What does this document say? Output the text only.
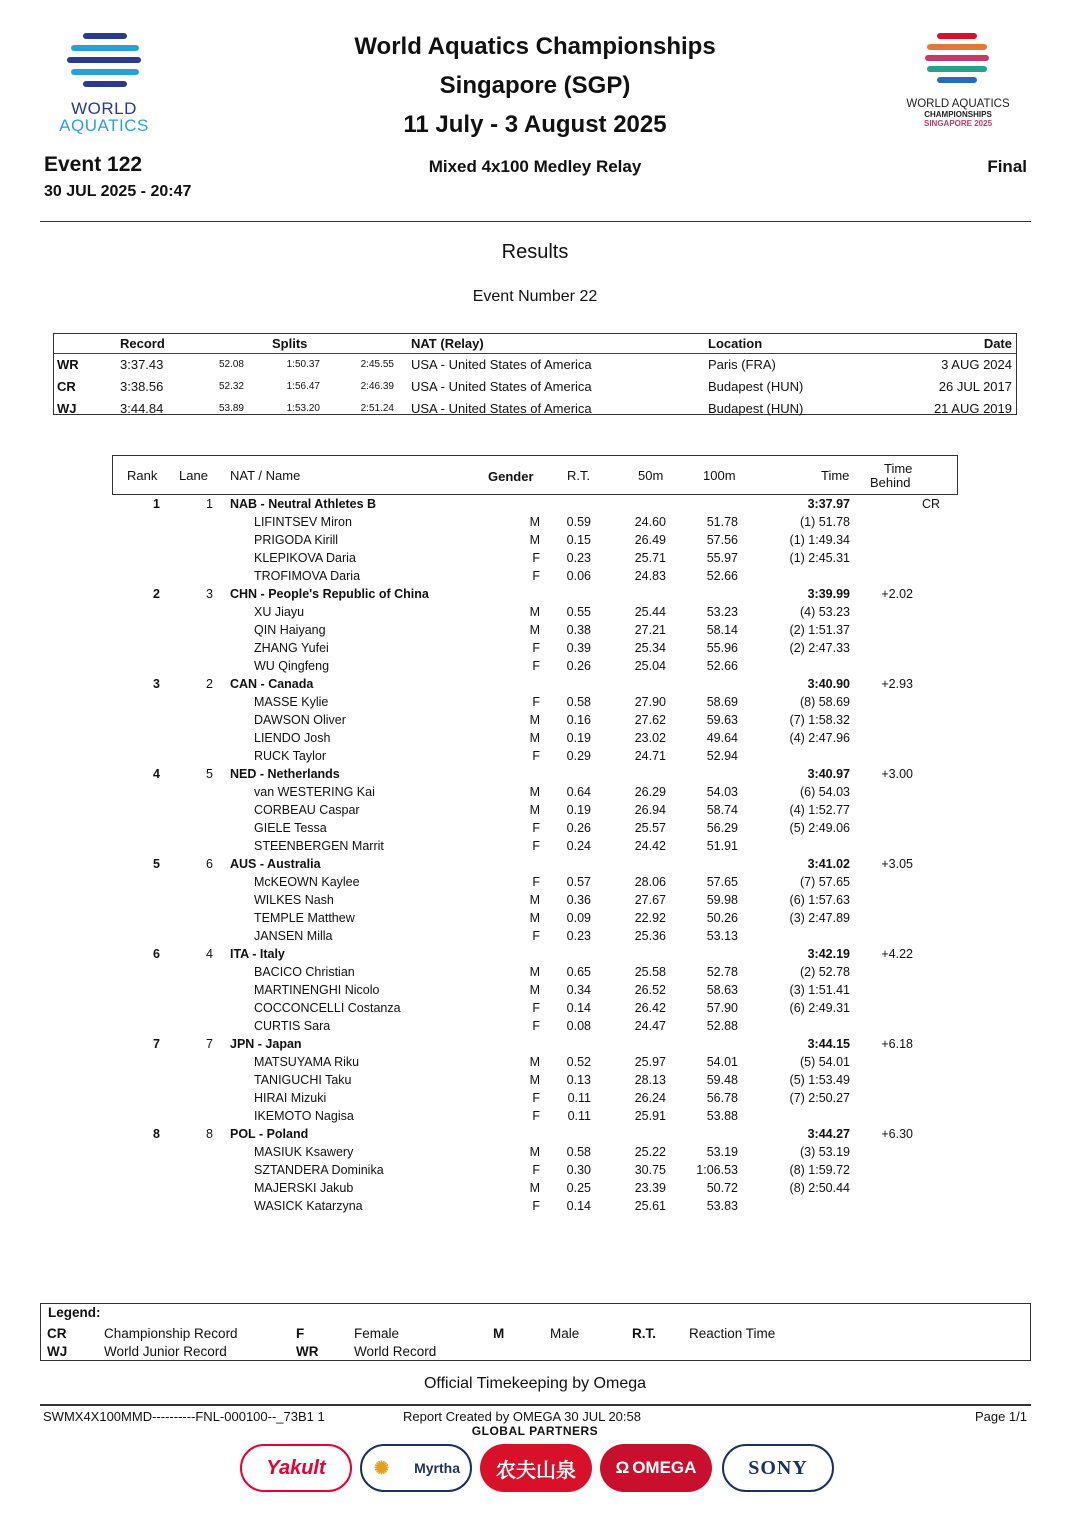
WORLD
AQUATICS
World Aquatics Championships
Singapore (SGP)
11 July - 3 August 2025
WORLD AQUATICS
CHAMPIONSHIPS
SINGAPORE 2025
Event 122
30 JUL 2025 - 20:47
Mixed 4x100 Medley Relay	Final
Results
Event Number 22
Record	Splits	NAT (Relay)	Location	Date
WR	3:37.43	52.08	1:50.37	2:45.55 USA - United States of America	Paris (FRA)	3 AUG 2024
CR	3:38.56	52.32	1:56.47	2:46.39 USA - United States of America	Budapest (HUN)	26 JUL 2017
WJ	3:44.84	53.89	1:53.20	2:51.24 USA - United States of America	Budapest (HUN)	21 AUG 2019
Rank Lane NAT / Name	Gender	R.T.	50m	100m	Time	Time
Behind
1	1 NAB - Neutral Athletes B	3:37.97	CR
LIFINTSEV Miron	M	0.59	24.60	51.78	(1) 51.78
PRIGODA Kirill	M	0.15	26.49	57.56	(1) 1:49.34
KLEPIKOVA Daria	F	0.23	25.71	55.97	(1) 2:45.31
TROFIMOVA Daria	F	0.06	24.83	52.66
2	3 CHN - People's Republic of China	3:39.99	+2.02
XU Jiayu	M	0.55	25.44	53.23	(4) 53.23
QIN Haiyang	M	0.38	27.21	58.14	(2) 1:51.37
ZHANG Yufei	F	0.39	25.34	55.96	(2) 2:47.33
WU Qingfeng	F	0.26	25.04	52.66
3	2 CAN - Canada	3:40.90	+2.93
MASSE Kylie	F	0.58	27.90	58.69	(8) 58.69
DAWSON Oliver	M	0.16	27.62	59.63	(7) 1:58.32
LIENDO Josh	M	0.19	23.02	49.64	(4) 2:47.96
RUCK Taylor	F	0.29	24.71	52.94
4	5 NED - Netherlands	3:40.97	+3.00
van WESTERING Kai	M	0.64	26.29	54.03	(6) 54.03
CORBEAU Caspar	M	0.19	26.94	58.74	(4) 1:52.77
GIELE Tessa	F	0.26	25.57	56.29	(5) 2:49.06
STEENBERGEN Marrit	F	0.24	24.42	51.91
5	6 AUS - Australia	3:41.02	+3.05
McKEOWN Kaylee	F	0.57	28.06	57.65	(7) 57.65
WILKES Nash	M	0.36	27.67	59.98	(6) 1:57.63
TEMPLE Matthew	M	0.09	22.92	50.26	(3) 2:47.89
JANSEN Milla	F	0.23	25.36	53.13
6	4 ITA - Italy	3:42.19	+4.22
BACICO Christian	M	0.65	25.58	52.78	(2) 52.78
MARTINENGHI Nicolo	M	0.34	26.52	58.63	(3) 1:51.41
COCCONCELLI Costanza	F	0.14	26.42	57.90	(6) 2:49.31
CURTIS Sara	F	0.08	24.47	52.88
7	7 JPN - Japan	3:44.15	+6.18
MATSUYAMA Riku	M	0.52	25.97	54.01	(5) 54.01
TANIGUCHI Taku	M	0.13	28.13	59.48	(5) 1:53.49
HIRAI Mizuki	F	0.11	26.24	56.78	(7) 2:50.27
IKEMOTO Nagisa	F	0.11	25.91	53.88
8	8 POL - Poland	3:44.27	+6.30
MASIUK Ksawery	M	0.58	25.22	53.19	(3) 53.19
SZTANDERA Dominika	F	0.30	30.75	1:06.53	(8) 1:59.72
MAJERSKI Jakub	M	0.25	23.39	50.72	(8) 2:50.44
WASICK Katarzyna	F	0.14	25.61	53.83
Legend:
CR	Championship Record
WJ	World Junior Record
F	Female
WR	World Record
M	Male	R.T. Reaction Time
Official Timekeeping by Omega
SWMX4X100MMD----------FNL-000100--_73B1 1	Report Created by OMEGA 30 JUL 20:58	Page 1/1
GLOBAL PARTNERS
Yakult	✺ Myrtha 农夫山泉 Ω OMEGA	SONY
